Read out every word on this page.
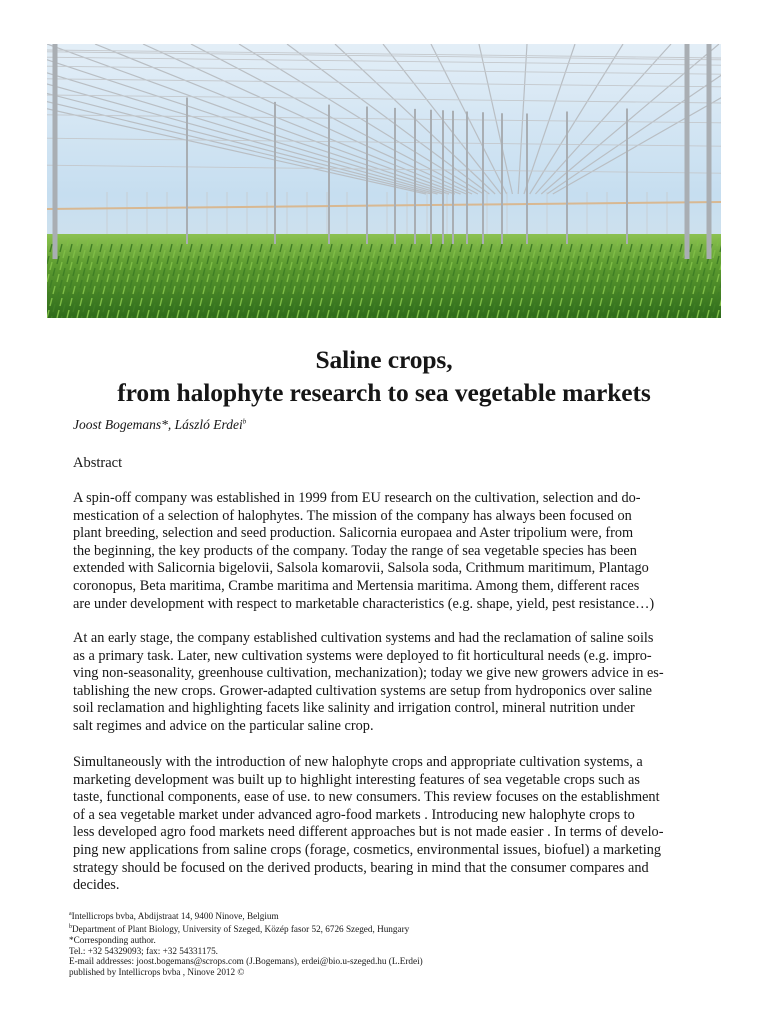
Saline crops,
from halophyte research to sea vegetable markets
Joost Bogemans*, László Erdei$^b$
Abstract
A spin-off company was established in 1999 from EU research on the cultivation, selection and do-
mestication of a selection of halophytes. The mission of the company has always been focused on
plant breeding, selection and seed production. Salicornia europaea and Aster tripolium were, from
the beginning, the key products of the company. Today the range of sea vegetable species has been
extended with Salicornia bigelovii, Salsola komarovii, Salsola soda, Crithmum maritimum, Plantago
coronopus, Beta maritima, Crambe maritima and Mertensia maritima. Among them, different races
are under development with respect to marketable characteristics (e.g. shape, yield, pest resistance…)
At an early stage, the company established cultivation systems and had the reclamation of saline soils
as a primary task. Later, new cultivation systems were deployed to fit horticultural needs (e.g. impro-
ving non-seasonality, greenhouse cultivation, mechanization); today we give new growers advice in es-
tablishing the new crops. Grower-adapted cultivation systems are setup from hydroponics over saline
soil reclamation and highlighting facets like salinity and irrigation control, mineral nutrition under
salt regimes and advice on the particular saline crop.
Simultaneously with the introduction of new halophyte crops and appropriate cultivation systems, a
marketing development was built up to highlight interesting features of sea vegetable crops such as
taste, functional components, ease of use. to new consumers. This review focuses on the establishment
of a sea vegetable market under advanced agro-food markets . Introducing new halophyte crops to
less developed agro food markets need different approaches but is not made easier . In terms of develo-
ping new applications from saline crops (forage, cosmetics, environmental issues, biofuel) a marketing
strategy should be focused on the derived products, bearing in mind that the consumer compares and
decides.
$^a$Intellicrops bvba, Abdijstraat 14, 9400 Ninove, Belgium
$^b$Department of Plant Biology, University of Szeged, Közép fasor 52, 6726 Szeged, Hungary
*Corresponding author.
Tel.: +32 54329093; fax: +32 54331175.
E-mail addresses: joost.bogemans@scrops.com (J.Bogemans), erdei@bio.u-szeged.hu (L.Erdei)
published by Intellicrops bvba , Ninove 2012 ©
